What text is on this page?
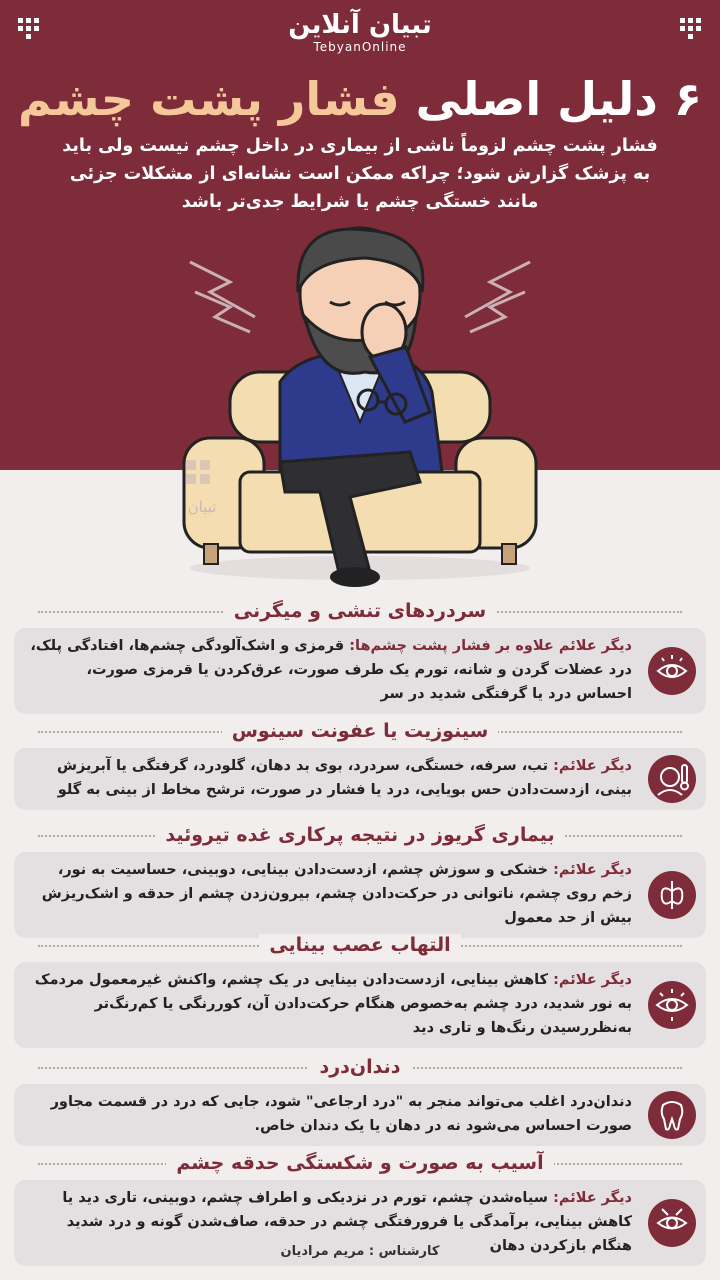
تبیان آنلاین
TebyanOnline
۶ دلیل اصلی فشار پشت چشم
فشار پشت چشم لزوماً ناشی از بیماری در داخل چشم نیست ولی باید به پزشک گزارش شود؛ چراکه ممکن است نشانه‌ای از مشکلات جزئی مانند خستگی چشم یا شرایط جدی‌تر باشد
تبیان
سردردهای تنشی و میگرنی
دیگر علائم علاوه بر فشار پشت چشم‌ها: قرمزی و اشک‌آلودگی چشم‌ها، افتادگی پلک، درد عضلات گردن و شانه، تورم یک طرف صورت، عرق‌کردن یا قرمزی صورت، احساس درد یا گرفتگی شدید در سر
سینوزیت یا عفونت سینوس
دیگر علائم: تب، سرفه، خستگی، سردرد، بوی بد دهان، گلودرد، گرفتگی یا آبریزش بینی، ازدست‌دادن حس بویایی، درد یا فشار در صورت، ترشح مخاط از بینی به گلو
بیماری گریوز در نتیجه پرکاری غده تیروئید
دیگر علائم: خشکی و سوزش چشم، ازدست‌دادن بینایی، دوبینی، حساسیت به نور، زخم روی چشم، ناتوانی در حرکت‌دادن چشم، بیرون‌زدن چشم از حدقه و اشک‌ریزش بیش از حد معمول
التهاب عصب بینایی
دیگر علائم: کاهش بینایی، ازدست‌دادن بینایی در یک چشم، واکنش غیرمعمول مردمک به نور شدید، درد چشم به‌خصوص هنگام حرکت‌دادن آن، کوررنگی یا کم‌رنگ‌تر به‌نظررسیدن رنگ‌ها و تاری دید
دندان‌درد
دندان‌درد اغلب می‌تواند منجر به "درد ارجاعی" شود، جایی که درد در قسمت مجاور صورت احساس می‌شود نه در دهان یا یک دندان خاص.
آسیب به صورت و شکستگی حدقه چشم
دیگر علائم: سیاه‌شدن چشم، تورم در نزدیکی و اطراف چشم، دوبینی، تاری دید یا کاهش بینایی، برآمدگی یا فرورفتگی چشم در حدقه، صاف‌شدن گونه و درد شدید هنگام بازکردن دهان
کارشناس : مریم مرادیان
